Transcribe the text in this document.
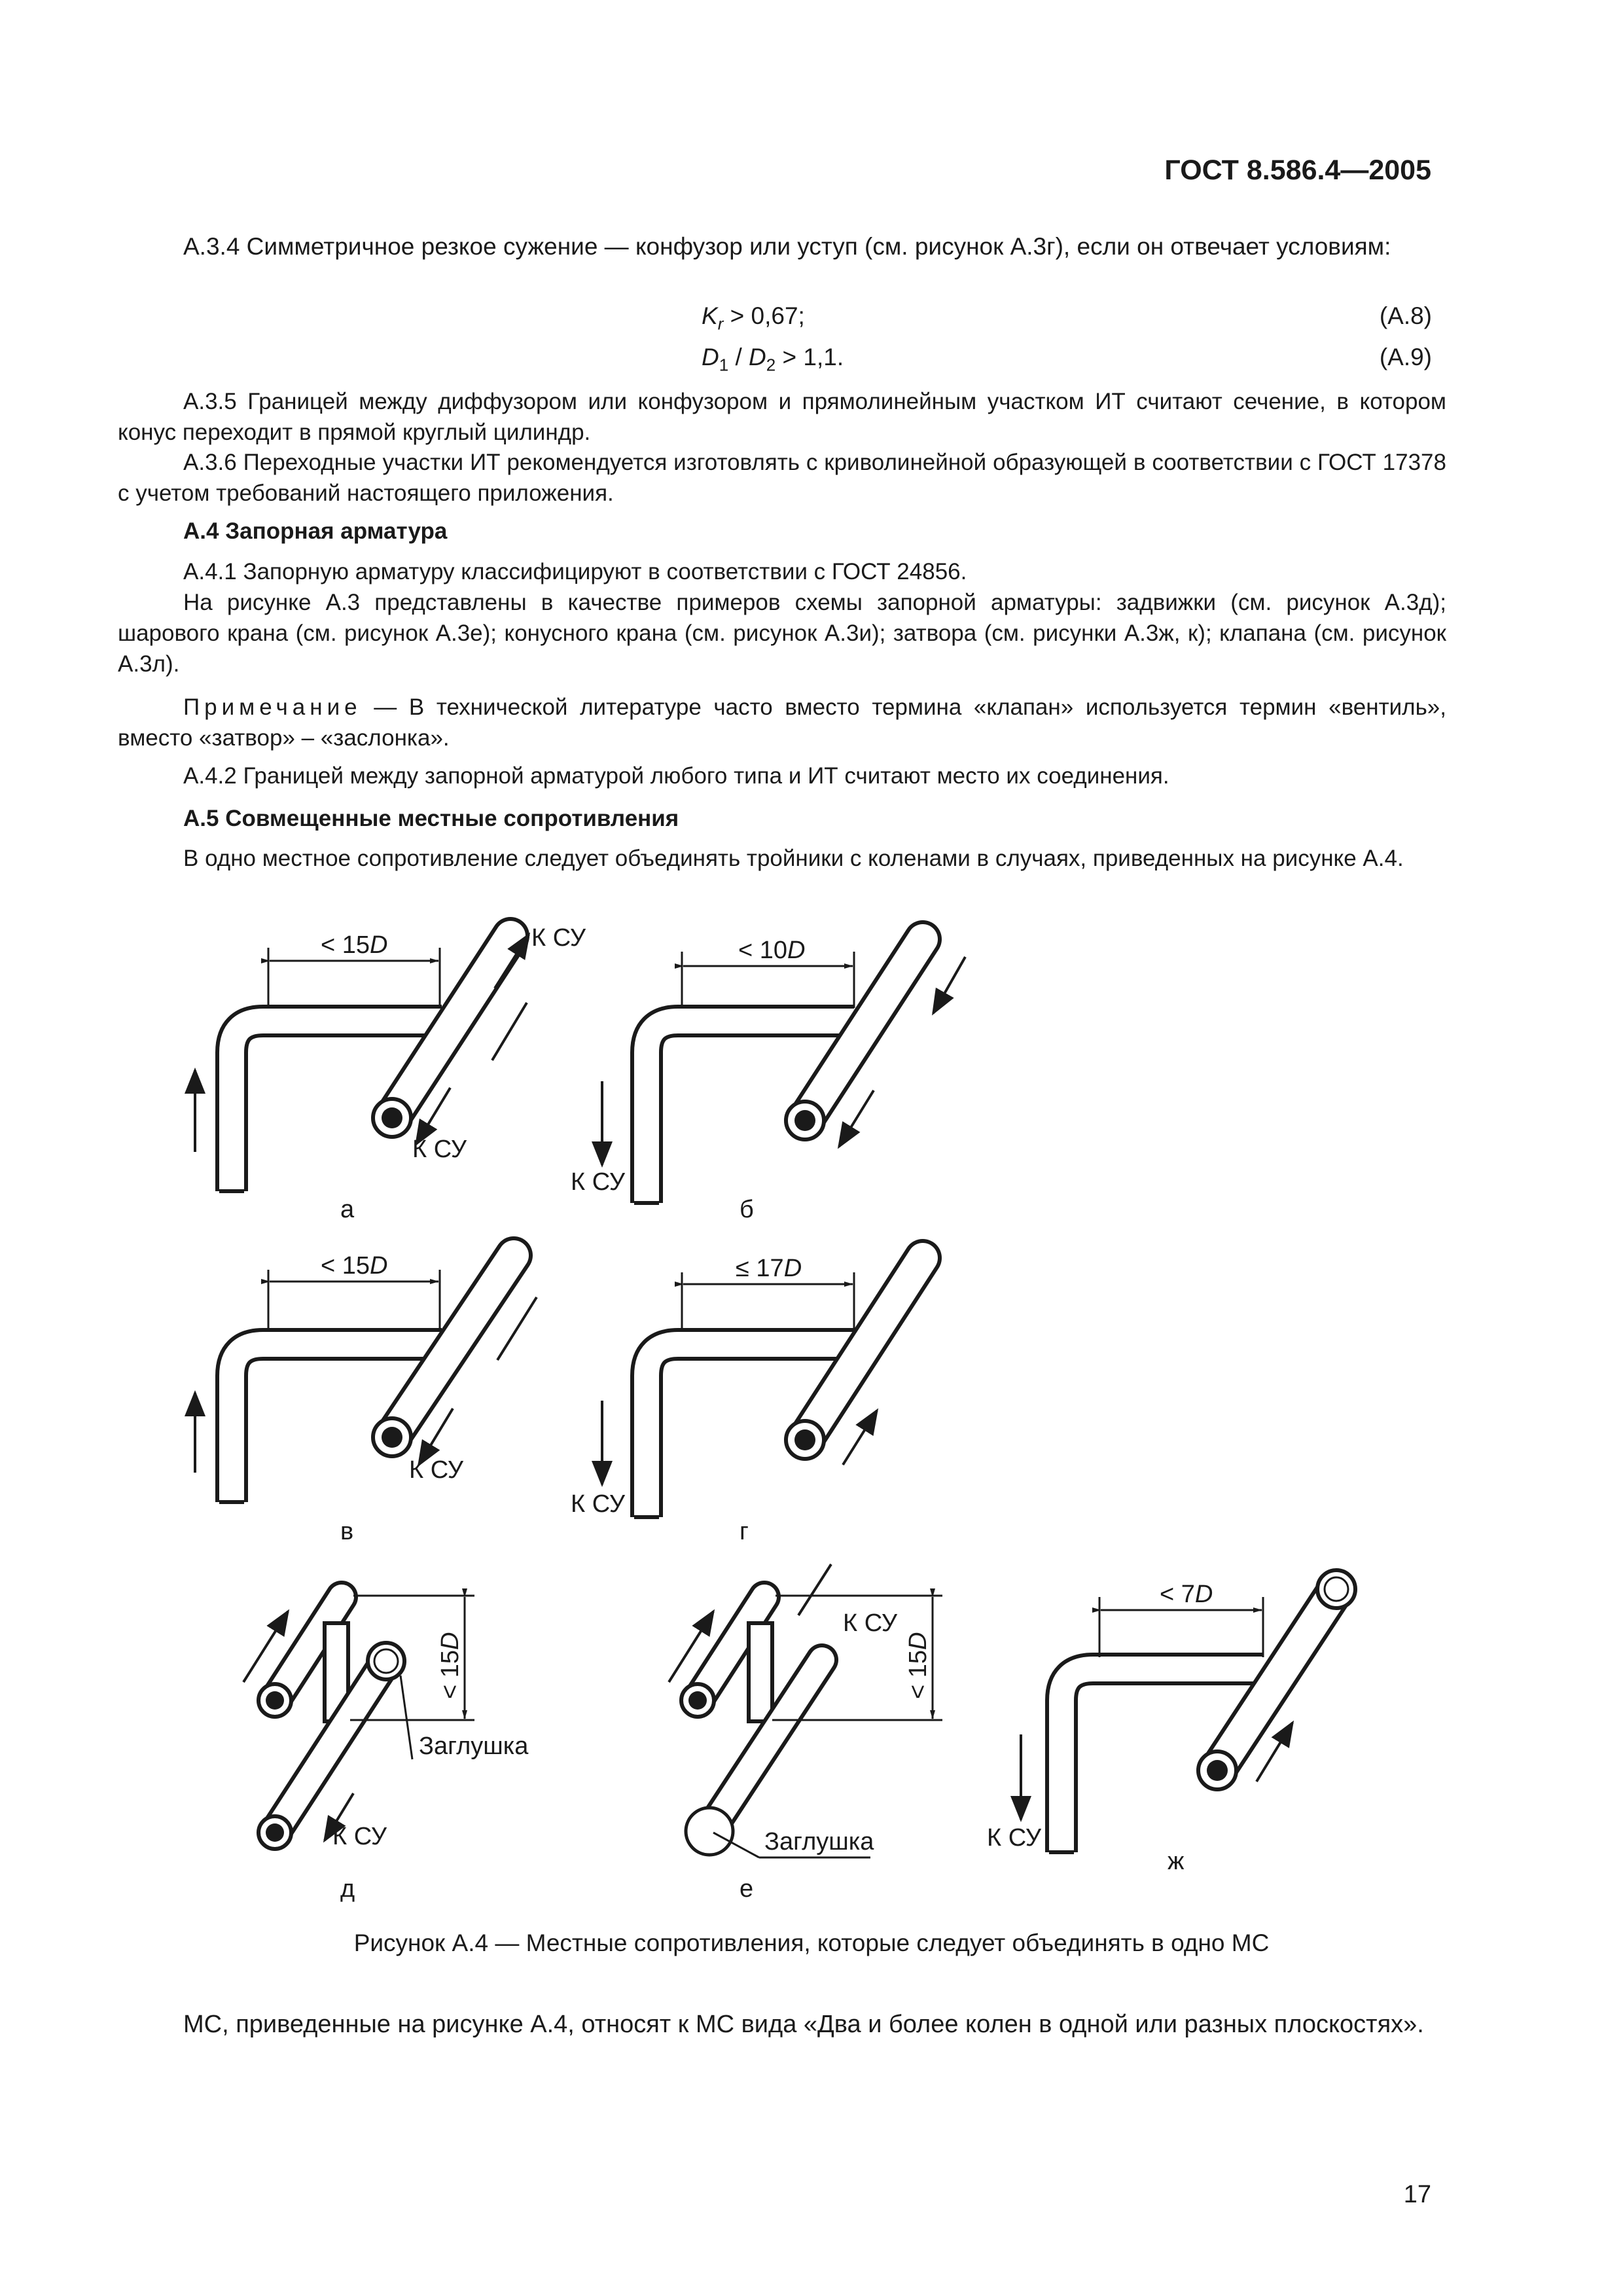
ГОСТ 8.586.4—2005
А.3.4 Симметричное резкое сужение — конфузор или уступ (см. рисунок А.3г), если он отвечает условиям:
$K_r > 0,67$;	(А.8)
$D_1 / D_2 > 1,1$.	(А.9)
А.3.5 Границей между диффузором или конфузором и прямолинейным участком ИТ считают сечение, в котором конус переходит в прямой круглый цилиндр.
А.3.6 Переходные участки ИТ рекомендуется изготовлять с криволинейной образующей в соответствии с ГОСТ 17378 с учетом требований настоящего приложения.
А.4 Запорная арматура
А.4.1 Запорную арматуру классифицируют в соответствии с ГОСТ 24856.
На рисунке А.3 представлены в качестве примеров схемы запорной арматуры: задвижки (см. рисунок А.3д); шарового крана (см. рисунок А.3е); конусного крана (см. рисунок А.3и); затвора (см. рисунки А.3ж, к); клапана (см. рисунок А.3л).
Примечание — В технической литературе часто вместо термина «клапан» используется термин «вентиль», вместо «затвор» – «заслонка».
А.4.2 Границей между запорной арматурой любого типа и ИТ считают место их соединения.
А.5 Совмещенные местные сопротивления
В одно местное сопротивление следует объединять тройники с коленами в случаях, приведенных на рисунке А.4.
< 15D	К СУ
К СУ
а
< 10D
К СУ
б
< 15D
К СУ
в
≤ 17D
К СУ
г
< 15D
Заглушка
К СУ
д
< 15D
К СУ
Заглушка
е
< 7D
К СУ
ж
Рисунок А.4 — Местные сопротивления, которые следует объединять в одно МС
МС, приведенные на рисунке А.4, относят к МС вида «Два и более колен в одной или разных плоскостях».
17
